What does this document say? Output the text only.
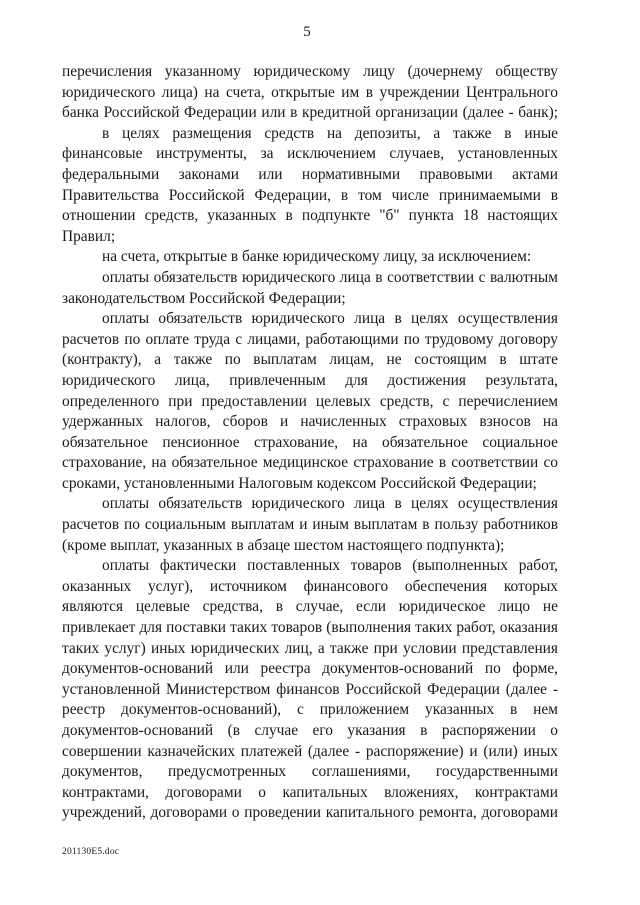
5
перечисления указанному юридическому лицу (дочернему обществу
юридического лица) на счета, открытые им в учреждении Центрального
банка Российской Федерации или в кредитной организации (далее - банк);
в целях размещения средств на депозиты, а также в иные
финансовые инструменты, за исключением случаев, установленных
федеральными законами или нормативными правовыми актами
Правительства Российской Федерации, в том числе принимаемыми в
отношении средств, указанных в подпункте "б" пункта 18 настоящих
Правил;
на счета, открытые в банке юридическому лицу, за исключением:
оплаты обязательств юридического лица в соответствии с валютным
законодательством Российской Федерации;
оплаты обязательств юридического лица в целях осуществления
расчетов по оплате труда с лицами, работающими по трудовому договору
(контракту), а также по выплатам лицам, не состоящим в штате
юридического лица, привлеченным для достижения результата,
определенного при предоставлении целевых средств, с перечислением
удержанных налогов, сборов и начисленных страховых взносов на
обязательное пенсионное страхование, на обязательное социальное
страхование, на обязательное медицинское страхование в соответствии со
сроками, установленными Налоговым кодексом Российской Федерации;
оплаты обязательств юридического лица в целях осуществления
расчетов по социальным выплатам и иным выплатам в пользу работников
(кроме выплат, указанных в абзаце шестом настоящего подпункта);
оплаты фактически поставленных товаров (выполненных работ,
оказанных услуг), источником финансового обеспечения которых
являются целевые средства, в случае, если юридическое лицо не
привлекает для поставки таких товаров (выполнения таких работ, оказания
таких услуг) иных юридических лиц, а также при условии представления
документов-оснований или реестра документов-оснований по форме,
установленной Министерством финансов Российской Федерации (далее -
реестр документов-оснований), с приложением указанных в нем
документов-оснований (в случае его указания в распоряжении о
совершении казначейских платежей (далее - распоряжение) и (или) иных
документов, предусмотренных соглашениями, государственными
контрактами, договорами о капитальных вложениях, контрактами
учреждений, договорами о проведении капитального ремонта, договорами
201130E5.doc
